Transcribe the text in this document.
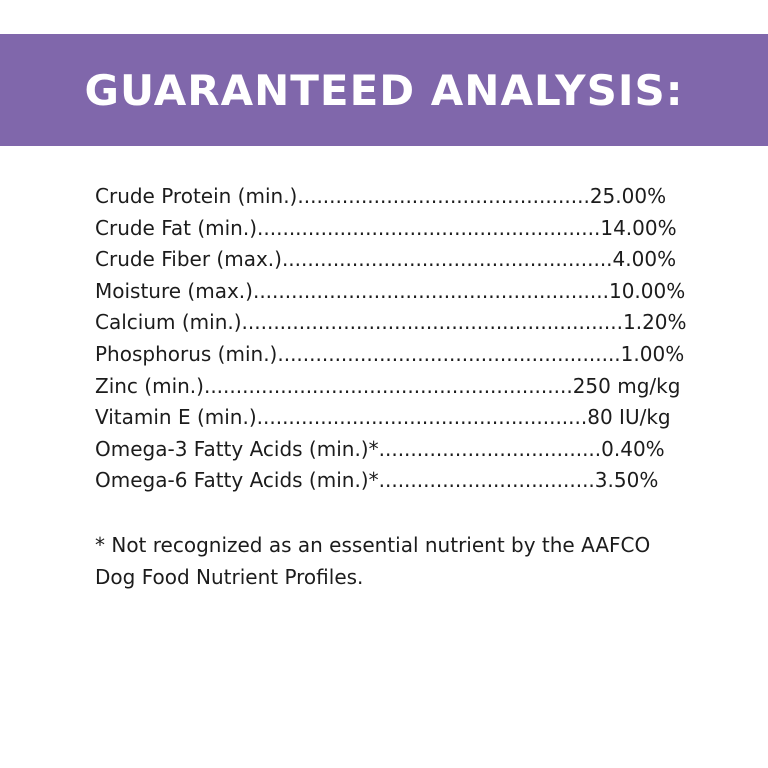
GUARANTEED ANALYSIS:
Crude Protein (min.)..............................................25.00%
Crude Fat (min.)......................................................14.00%
Crude Fiber (max.)....................................................4.00%
Moisture (max.)........................................................10.00%
Calcium (min.)............................................................1.20%
Phosphorus (min.)......................................................1.00%
Zinc (min.)..........................................................250 mg/kg
Vitamin E (min.)....................................................80 IU/kg
Omega-3 Fatty Acids (min.)*...................................0.40%
Omega-6 Fatty Acids (min.)*..................................3.50%

* Not recognized as an essential nutrient by the AAFCO

Dog Food Nutrient Profiles.
